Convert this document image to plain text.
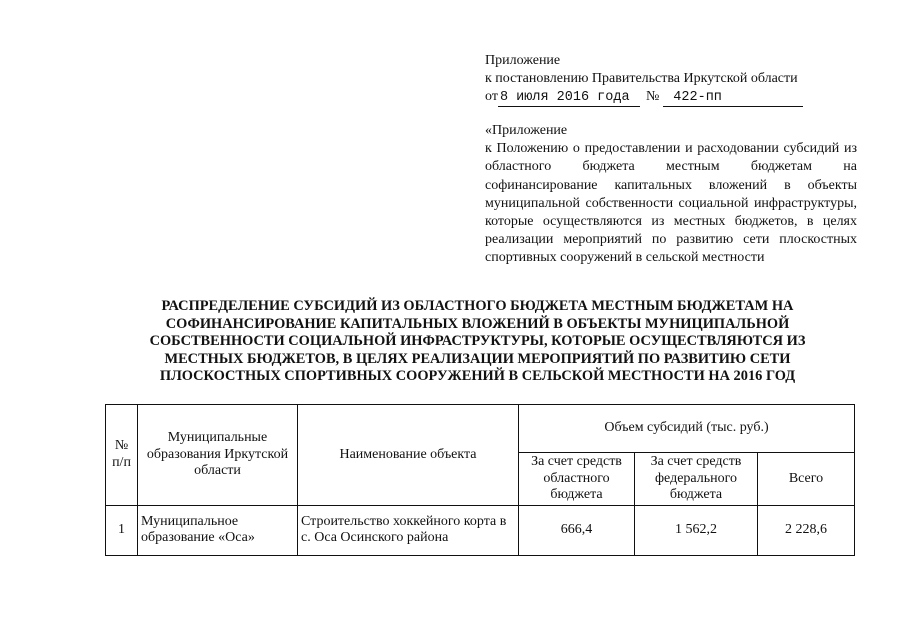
Приложение
к постановлению Правительства Иркутской области
от 8 июля 2016 года № 422-пп
«Приложение
к Положению о предоставлении и расходовании субсидий из областного бюджета местным бюджетам на софинансирование капитальных вложений в объекты муниципальной собственности социальной инфраструктуры, которые осуществляются из местных бюджетов, в целях реализации мероприятий по развитию сети плоскостных спортивных сооружений в сельской местности
РАСПРЕДЕЛЕНИЕ СУБСИДИЙ ИЗ ОБЛАСТНОГО БЮДЖЕТА МЕСТНЫМ БЮДЖЕТАМ НА СОФИНАНСИРОВАНИЕ КАПИТАЛЬНЫХ ВЛОЖЕНИЙ В ОБЪЕКТЫ МУНИЦИПАЛЬНОЙ СОБСТВЕННОСТИ СОЦИАЛЬНОЙ ИНФРАСТРУКТУРЫ, КОТОРЫЕ ОСУЩЕСТВЛЯЮТСЯ ИЗ МЕСТНЫХ БЮДЖЕТОВ, В ЦЕЛЯХ РЕАЛИЗАЦИИ МЕРОПРИЯТИЙ ПО РАЗВИТИЮ СЕТИ ПЛОСКОСТНЫХ СПОРТИВНЫХ СООРУЖЕНИЙ В СЕЛЬСКОЙ МЕСТНОСТИ НА 2016 ГОД
№ п/п	Муниципальные образования Иркутской области	Наименование объекта	Объем субсидий (тыс. руб.)		
			За счет средств областного бюджета	За счет средств федерального бюджета	Всего
1	Муниципальное образование «Оса»	Строительство хоккейного корта в с. Оса Осинского района	666,4	1 562,2	2 228,6
